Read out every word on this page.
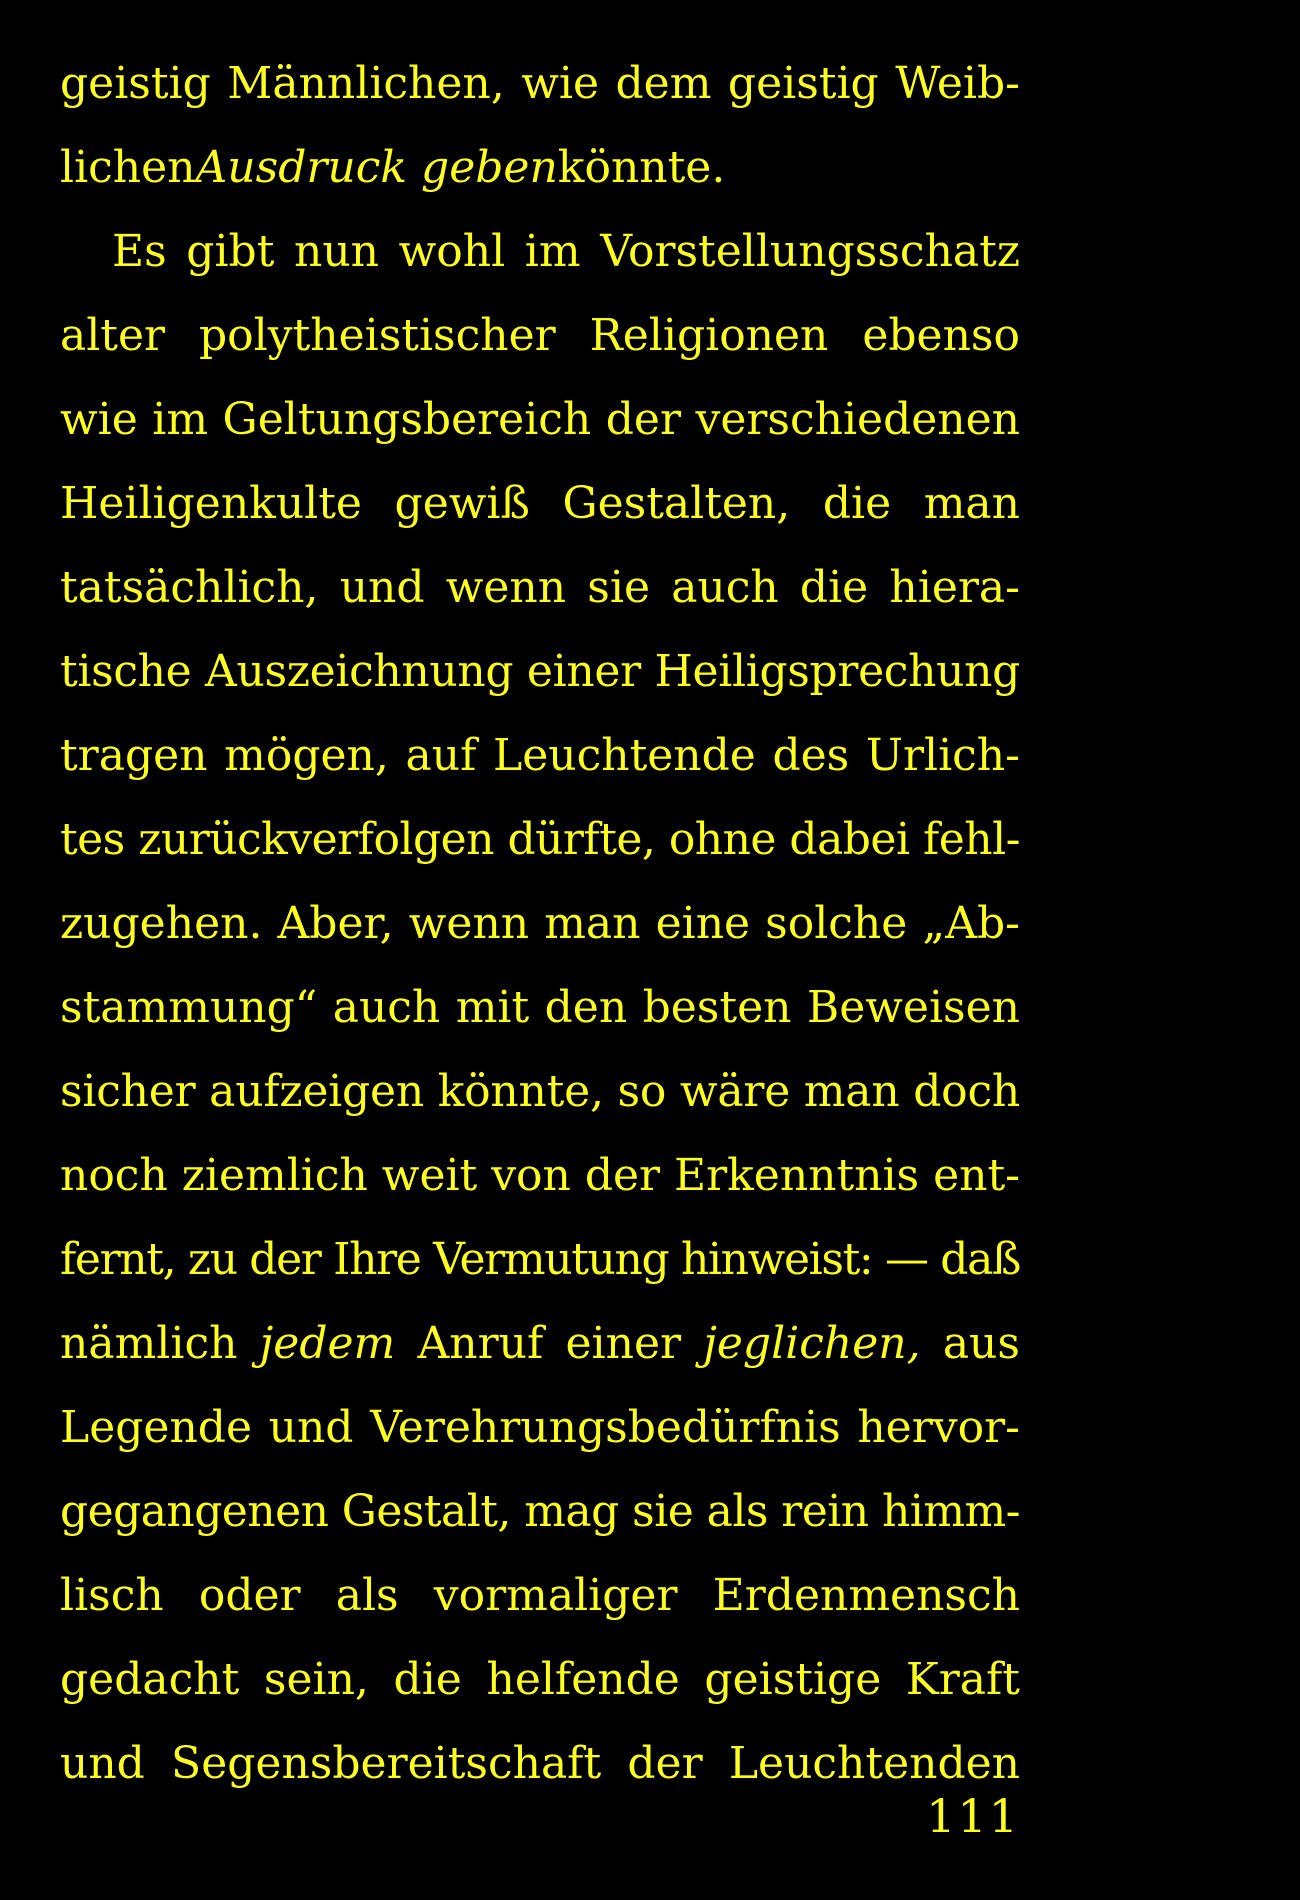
geistig Männlichen, wie dem geistig Weib-
lichenAusdruck gebenkönnte.
Es gibt nun wohl im Vorstellungsschatz
alter polytheistischer Religionen ebenso
wie im Geltungsbereich der verschiedenen
Heiligenkulte gewiß Gestalten, die man
tatsächlich, und wenn sie auch die hiera-
tische Auszeichnung einer Heiligsprechung
tragen mögen, auf Leuchtende des Urlich-
tes zurückverfolgen dürfte, ohne dabei fehl-
zugehen. Aber, wenn man eine solche „Ab-
stammung“ auch mit den besten Beweisen
sicher aufzeigen könnte, so wäre man doch
noch ziemlich weit von der Erkenntnis ent-
fernt, zu der Ihre Vermutung hinweist: — daß
nämlich jedem Anruf einer jeglichen, aus
Legende und Verehrungsbedürfnis hervor-
gegangenen Gestalt, mag sie als rein himm-
lisch oder als vormaliger Erdenmensch
gedacht sein, die helfende geistige Kraft
und Segensbereitschaft der Leuchtenden
111
